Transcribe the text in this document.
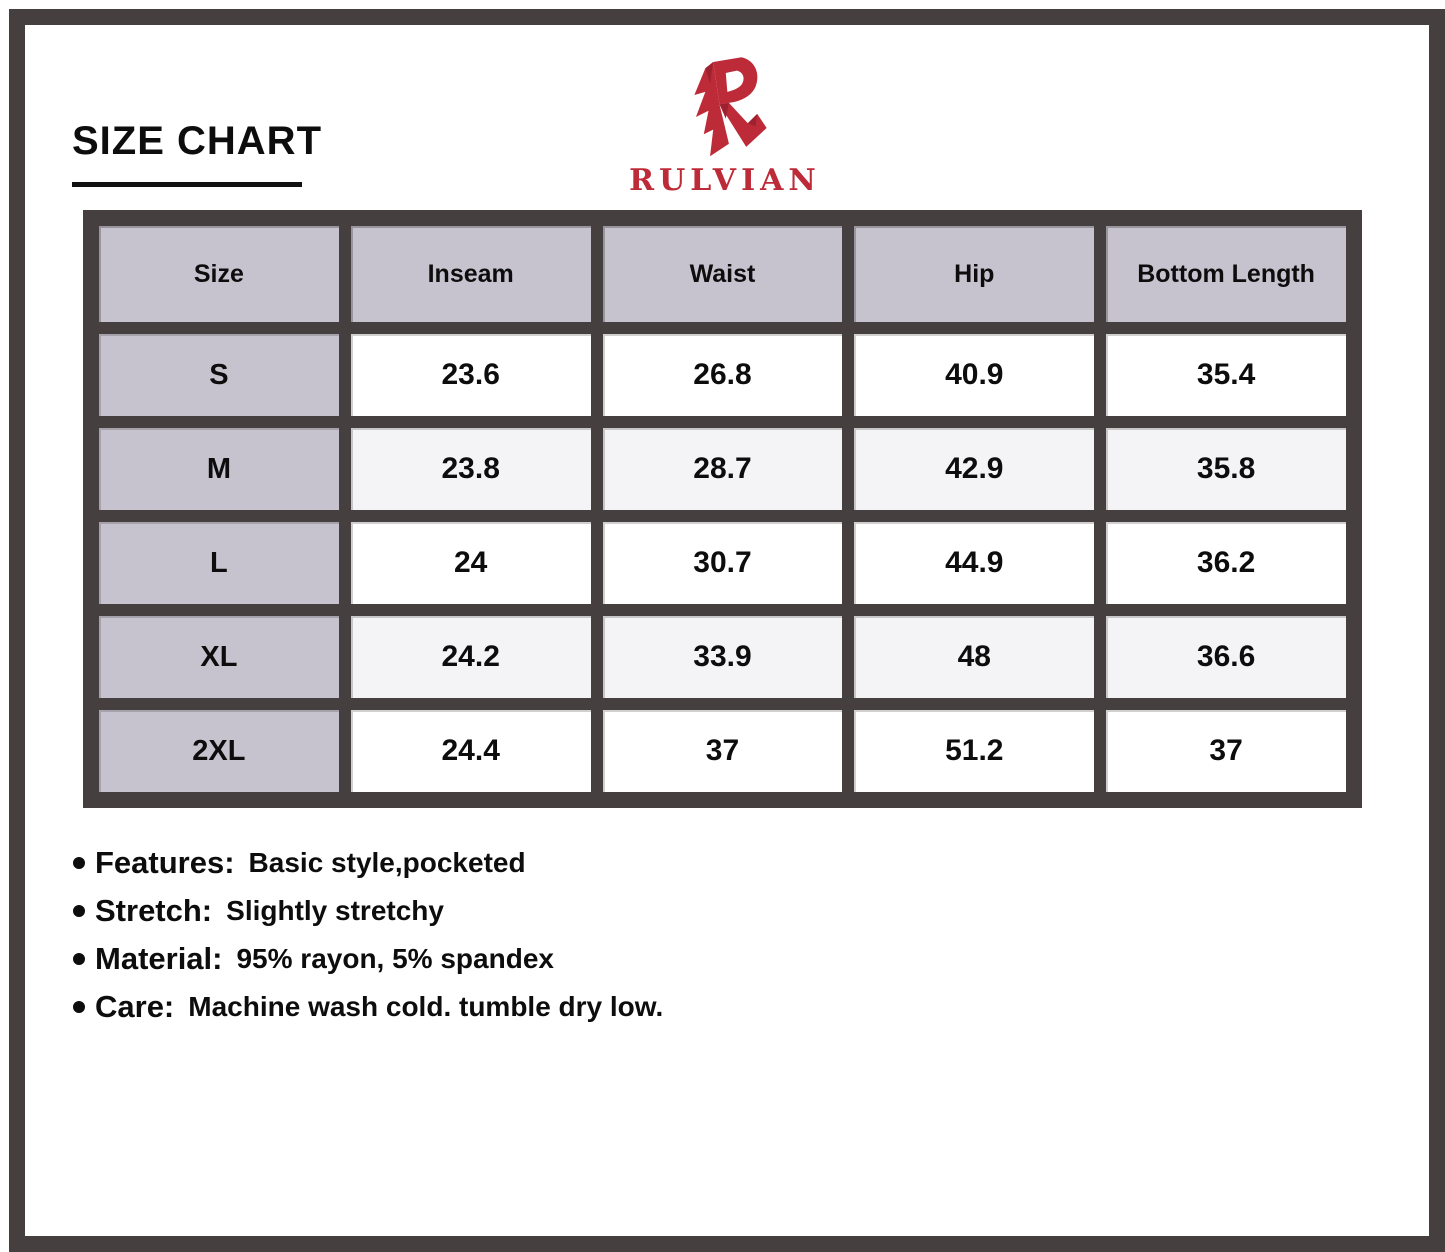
SIZE CHART
RULVIAN
Size	Inseam	Waist	Hip	Bottom Length
S	23.6	26.8	40.9	35.4
M	23.8	28.7	42.9	35.8
L	24	30.7	44.9	36.2
XL	24.2	33.9	48	36.6
2XL	24.4	37	51.2	37
Features: Basic style,pocketed
Stretch: Slightly stretchy
Material: 95% rayon, 5% spandex
Care: Machine wash cold. tumble dry low.
